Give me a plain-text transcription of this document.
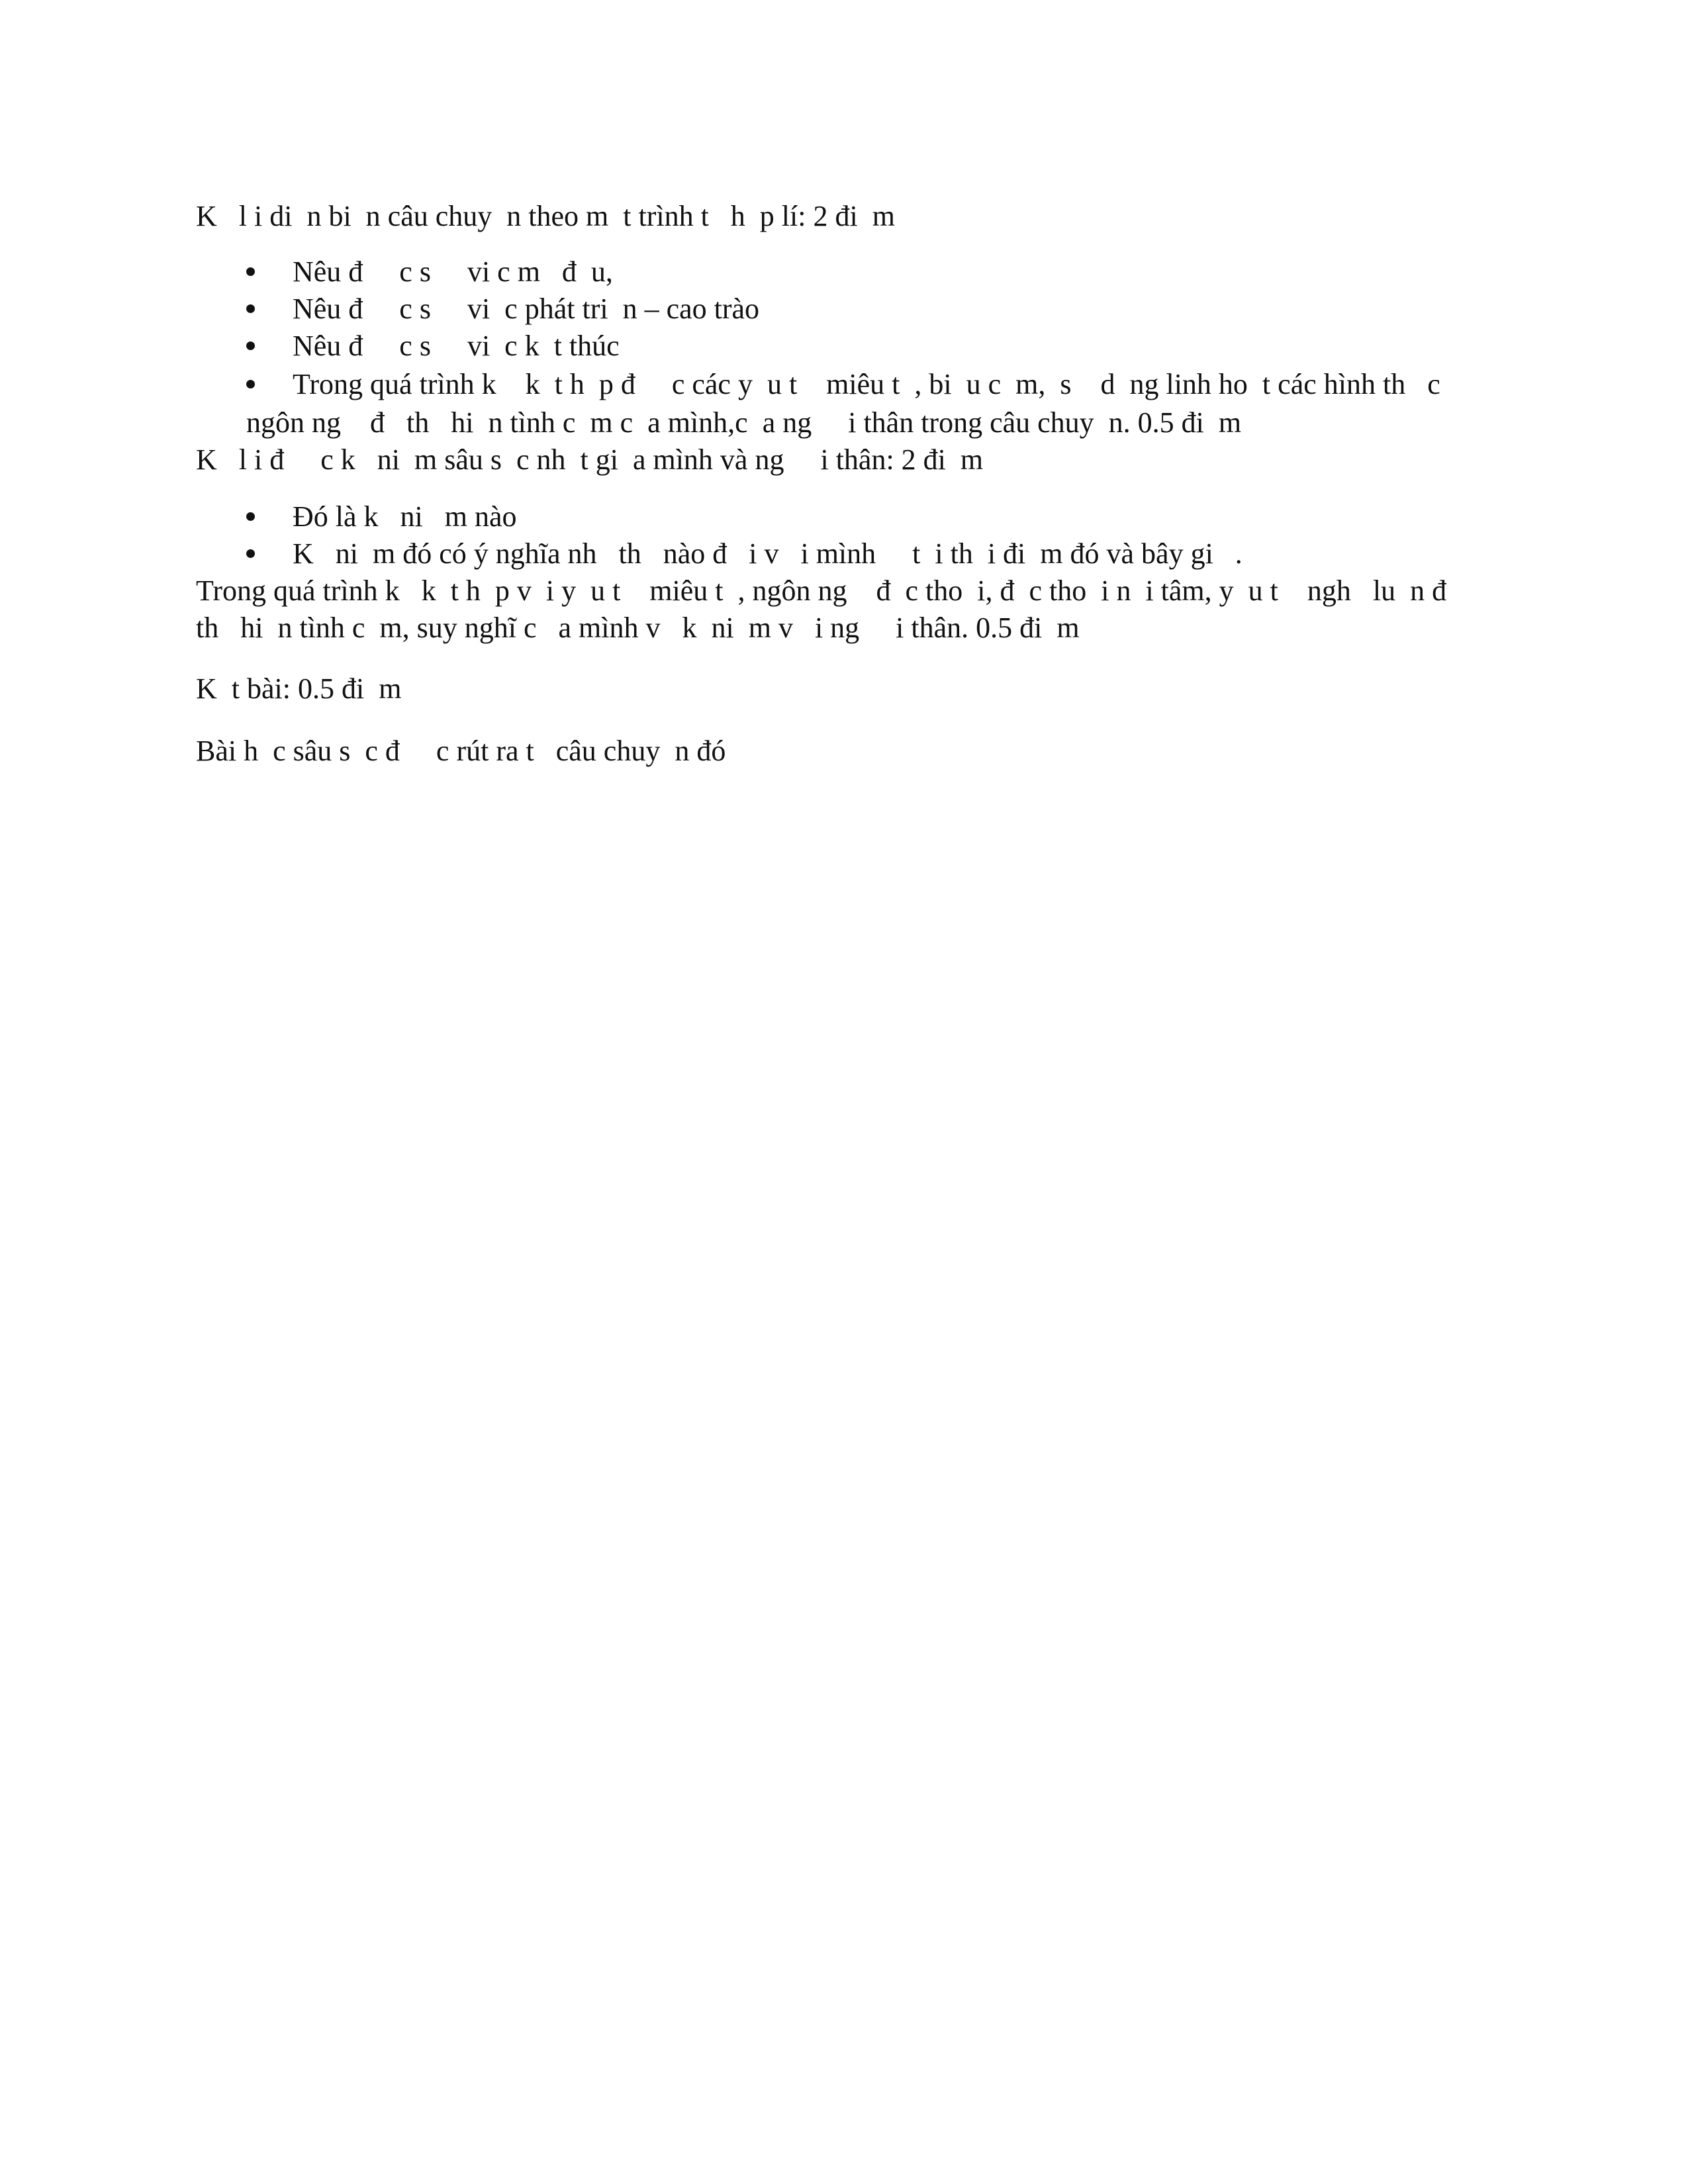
K   l i di  n bi  n câu chuy  n theo m  t trình t   h  p lí: 2 đi  m
Nêu đ     c s     vi c m   đ  u,
Nêu đ     c s     vi  c phát tri  n – cao trào
Nêu đ     c s     vi  c k  t thúc
Trong quá trình k    k  t h  p đ     c các y  u t    miêu t  , bi  u c  m,  s    d  ng linh ho  t các hình th   c
ngôn ng    đ   th   hi  n tình c  m c  a mình,c  a ng     i thân trong câu chuy  n. 0.5 đi  m
K   l i đ     c k   ni  m sâu s  c nh  t gi  a mình và ng     i thân: 2 đi  m
Đó là k   ni   m nào
K   ni  m đó có ý nghĩa nh   th   nào đ   i v   i mình     t  i th  i đi  m đó và bây gi   .
Trong quá trình k   k  t h  p v  i y  u t    miêu t  , ngôn ng    đ  c tho  i, đ  c tho  i n  i tâm, y  u t    ngh   lu  n đ
th   hi  n tình c  m, suy nghĩ c   a mình v   k  ni  m v   i ng     i thân. 0.5 đi  m
K  t bài: 0.5 đi  m
Bài h  c sâu s  c đ     c rút ra t   câu chuy  n đó
